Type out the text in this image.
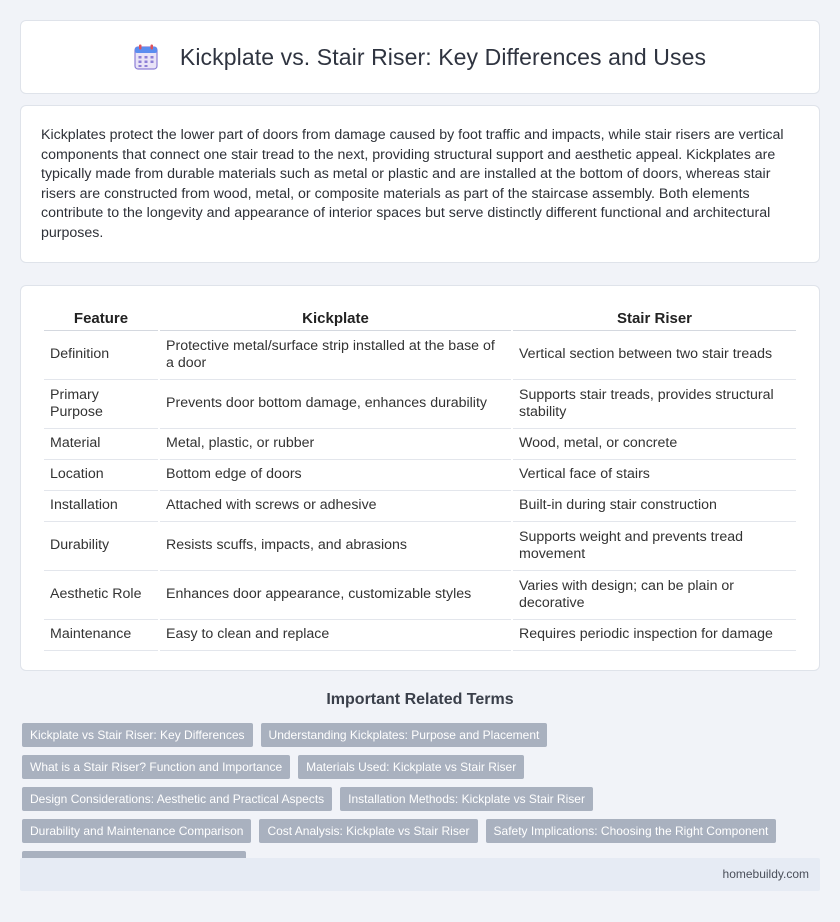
Kickplate vs. Stair Riser: Key Differences and Uses

Kickplates protect the lower part of doors from damage caused by foot traffic and impacts, while stair risers are vertical components that connect one stair tread to the next, providing structural support and aesthetic appeal. Kickplates are typically made from durable materials such as metal or plastic and are installed at the bottom of doors, whereas stair risers are constructed from wood, metal, or composite materials as part of the staircase assembly. Both elements contribute to the longevity and appearance of interior spaces but serve distinctly different functional and architectural purposes.

Feature	Kickplate	Stair Riser
Definition	Protective metal/surface strip installed at the base of a door	Vertical section between two stair treads
Primary Purpose	Prevents door bottom damage, enhances durability	Supports stair treads, provides structural stability
Material	Metal, plastic, or rubber	Wood, metal, or concrete
Location	Bottom edge of doors	Vertical face of stairs
Installation	Attached with screws or adhesive	Built-in during stair construction
Durability	Resists scuffs, impacts, and abrasions	Supports weight and prevents tread movement
Aesthetic Role	Enhances door appearance, customizable styles	Varies with design; can be plain or decorative
Maintenance	Easy to clean and replace	Requires periodic inspection for damage
Important Related Terms
Kickplate vs Stair Riser: Key Differences	Understanding Kickplates: Purpose and Placement
What is a Stair Riser? Function and Importance	Materials Used: Kickplate vs Stair Riser
Design Considerations: Aesthetic and Practical Aspects	Installation Methods: Kickplate vs Stair Riser
Durability and Maintenance Comparison	Cost Analysis: Kickplate vs Stair Riser	Safety Implications: Choosing the Right Component
homebuildy.com
